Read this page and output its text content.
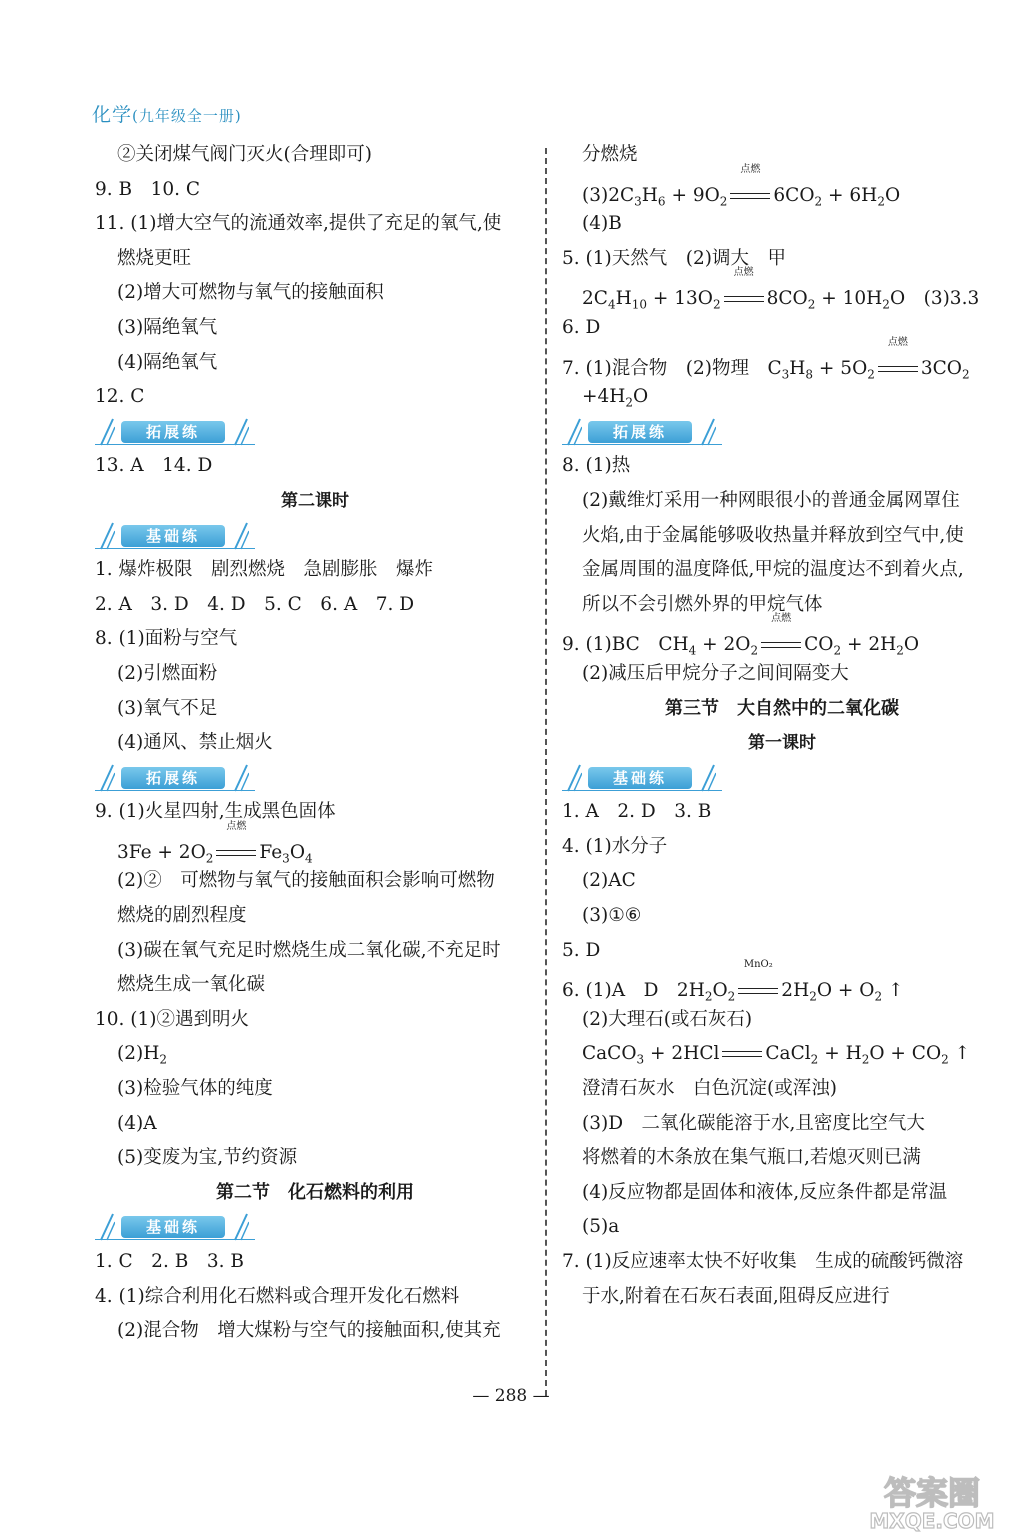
化学(九年级全一册)
②关闭煤气阀门灭火(合理即可)
9. B　10. C
11. (1)增大空气的流通效率,提供了充足的氧气,使
燃烧更旺
(2)增大可燃物与氧气的接触面积
(3)隔绝氧气
(4)隔绝氧气
12. C
拓展练
13. A　14. D
第二课时
基础练
1. 爆炸极限　剧烈燃烧　急剧膨胀　爆炸
2. A　3. D　4. D　5. C　6. A　7. D
8. (1)面粉与空气
(2)引燃面粉
(3)氧气不足
(4)通风、禁止烟火
拓展练
9. (1)火星四射,生成黑色固体
$3Fe + 2O_2$
点燃
$Fe_3O_4$
(2)②　可燃物与氧气的接触面积会影响可燃物
燃烧的剧烈程度
(3)碳在氧气充足时燃烧生成二氧化碳,不充足时
燃烧生成一氧化碳
10. (1)②遇到明火
$(2)H_2$
(3)检验气体的纯度
(4)A
(5)变废为宝,节约资源
第二节　化石燃料的利用
基础练
1. C　2. B　3. B
4. (1)综合利用化石燃料或合理开发化石燃料
(2)混合物　增大煤粉与空气的接触面积,使其充
分燃烧
$(3)2C_3H_6 + 9O_2$
点燃
$6CO_2 + 6H_2O$
(4)B
5. (1)天然气　(2)调大　甲
$2C_4H_{10} + 13O_2$
点燃
$8CO_2 + 10H_2O$　(3)3.3
6. D
7. (1)混合物　(2)物理　$C_3H_8 + 5O_2$
点燃
$3CO_2$
$+4H_2O$
拓展练
8. (1)热
(2)戴维灯采用一种网眼很小的普通金属网罩住
火焰,由于金属能够吸收热量并释放到空气中,使
金属周围的温度降低,甲烷的温度达不到着火点,
所以不会引燃外界的甲烷气体
9. (1)BC　$CH_4 + 2O_2$
点燃
$CO_2 + 2H_2O$
(2)减压后甲烷分子之间间隔变大
第三节　大自然中的二氧化碳
第一课时
基础练
1. A　2. D　3. B
4. (1)水分子
(2)AC
(3)①⑥
5. D
6. (1)A　D　$2H_2O_2$
MnO₂
$2H_2O + O_2$ ↑
(2)大理石(或石灰石)
CaCO$_3$ + 2HCl CaCl$_2$ + $H_2O + CO_2$ ↑
澄清石灰水　白色沉淀(或浑浊)
(3)D　二氧化碳能溶于水,且密度比空气大
将燃着的木条放在集气瓶口,若熄灭则已满
(4)反应物都是固体和液体,反应条件都是常温
(5)a
7. (1)反应速率太快不好收集　生成的硫酸钙微溶
于水,附着在石灰石表面,阻碍反应进行
— 288 —
答案圈
MXQE.COM
